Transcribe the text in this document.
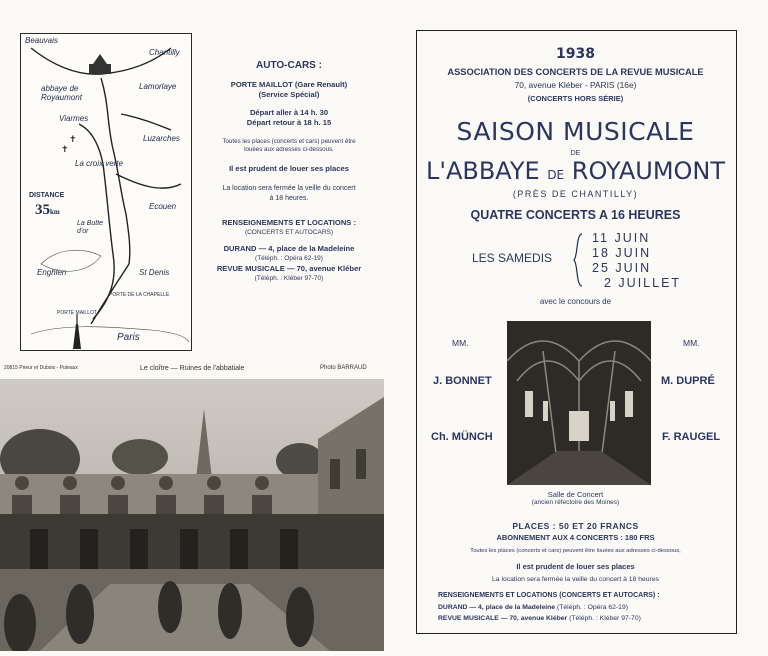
✝
✝
Beauvais
Chantilly
abbaye de Royaumont
Lamorlaye
Viarmes
Luzarches
La croix verte
Ecouen
La Butte d'or
Enghien	St Denis
PORTE DE LA CHAPELLE
PORTE MAILLOT
Paris
DISTANCE
35km
AUTO-CARS :
PORTE MAILLOT (Gare Renault)
(Service Spécial)
Départ aller à 14 h. 30
Départ retour à 18 h. 15
Toutes les places (concerts et cars) peuvent être
louées aux adresses ci-dessous.
Il est prudent de louer ses places
La location sera fermée la veille du concert
à 18 heures.
RENSEIGNEMENTS ET LOCATIONS :
(CONCERTS ET AUTOCARS)
DURAND — 4, place de la Madeleine
(Téléph. : Opéra 62-19)
REVUE MUSICALE — 70, avenue Kléber
(Téléph. : Kléber 97-70)
20815 Prieur et Dubois - Puteaux	Le cloître — Ruines de l'abbatiale	Photo BARRAUD
1938
ASSOCIATION DES CONCERTS DE LA REVUE MUSICALE
70, avenue Kléber - PARIS (16e)
(CONCERTS HORS SÉRIE)
SAISON MUSICALE
DE
L'ABBAYE DE ROYAUMONT
(PRÈS DE CHANTILLY)
QUATRE CONCERTS A 16 HEURES
LES SAMEDIS
11 JUIN
18 JUIN
25 JUIN
2 JUILLET
avec le concours de
MM.	MM.
J. BONNET
Ch. MÜNCH
M. DUPRÉ
F. RAUGEL
Salle de Concert
(ancien réfectoire des Moines)
PLACES : 50 ET 20 FRANCS
ABONNEMENT AUX 4 CONCERTS : 180 FRS
Toutes les places (concerts et cars) peuvent être louées aux adresses ci-dessous,
Il est prudent de louer ses places
La location sera fermée la veille du concert à 18 heures
RENSEIGNEMENTS ET LOCATIONS (CONCERTS ET AUTOCARS) :
DURAND — 4, place de la Madeleine (Téléph. : Opéra 62-19)
REVUE MUSICALE — 70, avenue Kléber (Téléph. : Kléber 97-70)
